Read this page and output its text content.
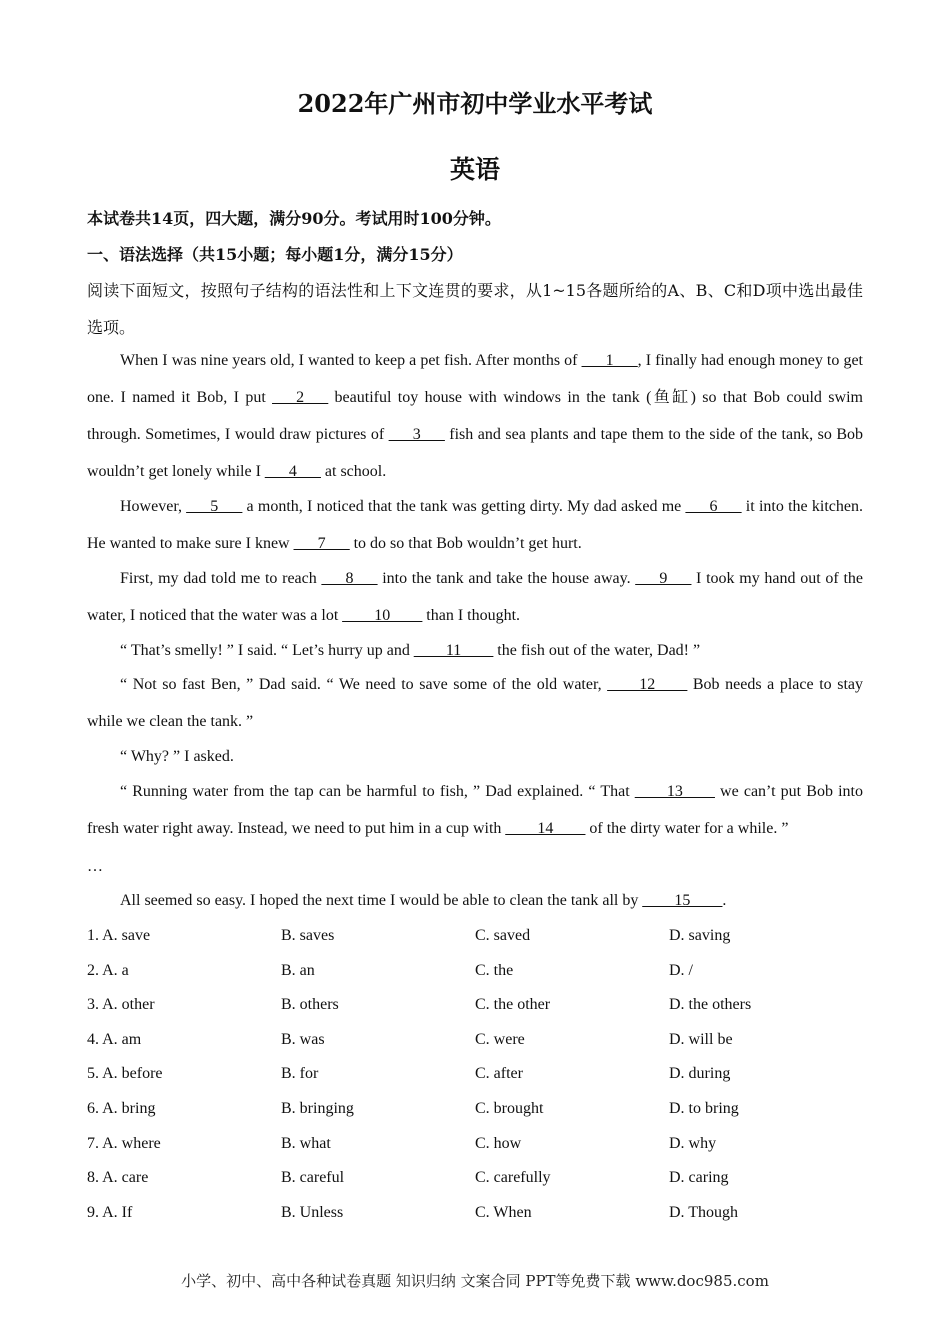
2022年广州市初中学业水平考试
英语
本试卷共14页，四大题，满分90分。考试用时100分钟。
一、语法选择（共15小题；每小题1分，满分15分）

阅读下面短文，按照句子结构的语法性和上下文连贯的要求，从1~15各题所给的A、B、C和D项中选出最佳选项。

When I was nine years old, I wanted to keep a pet fish. After months of ___1___, I finally had enough money to get one. I named it Bob, I put ___2___ beautiful toy house with windows in the tank (鱼缸) so that Bob could swim through. Sometimes, I would draw pictures of ___3___ fish and sea plants and tape them to the side of the tank, so Bob wouldn’t get lonely while I ___4___ at school.

However, ___5___ a month, I noticed that the tank was getting dirty. My dad asked me ___6___ it into the kitchen. He wanted to make sure I knew ___7___ to do so that Bob wouldn’t get hurt.

First, my dad told me to reach ___8___ into the tank and take the house away. ___9___ I took my hand out of the water, I noticed that the water was a lot ____10____ than I thought.

“ That’s smelly! ” I said. “ Let’s hurry up and ____11____ the fish out of the water, Dad! ”

“ Not so fast Ben, ” Dad said. “ We need to save some of the old water, ____12____ Bob needs a place to stay while we clean the tank. ”

“ Why? ” I asked.

“ Running water from the tap can be harmful to fish, ” Dad explained. “ That ____13____ we can’t put Bob into fresh water right away. Instead, we need to put him in a cup with ____14____ of the dirty water for a while. ”

…

All seemed so easy. I hoped the next time I would be able to clean the tank all by ____15____.

1. A. save	B. saves	C. saved	D. saving
2. A. a	B. an	C. the	D. /
3. A. other	B. others	C. the other	D. the others
4. A. am	B. was	C. were	D. will be
5. A. before	B. for	C. after	D. during
6. A. bring	B. bringing	C. brought	D. to bring
7. A. where	B. what	C. how	D. why
8. A. care	B. careful	C. carefully	D. caring
9. A. If	B. Unless	C. When	D. Though
小学、初中、高中各种试卷真题 知识归纳 文案合同 PPT等免费下载 www.doc985.com
